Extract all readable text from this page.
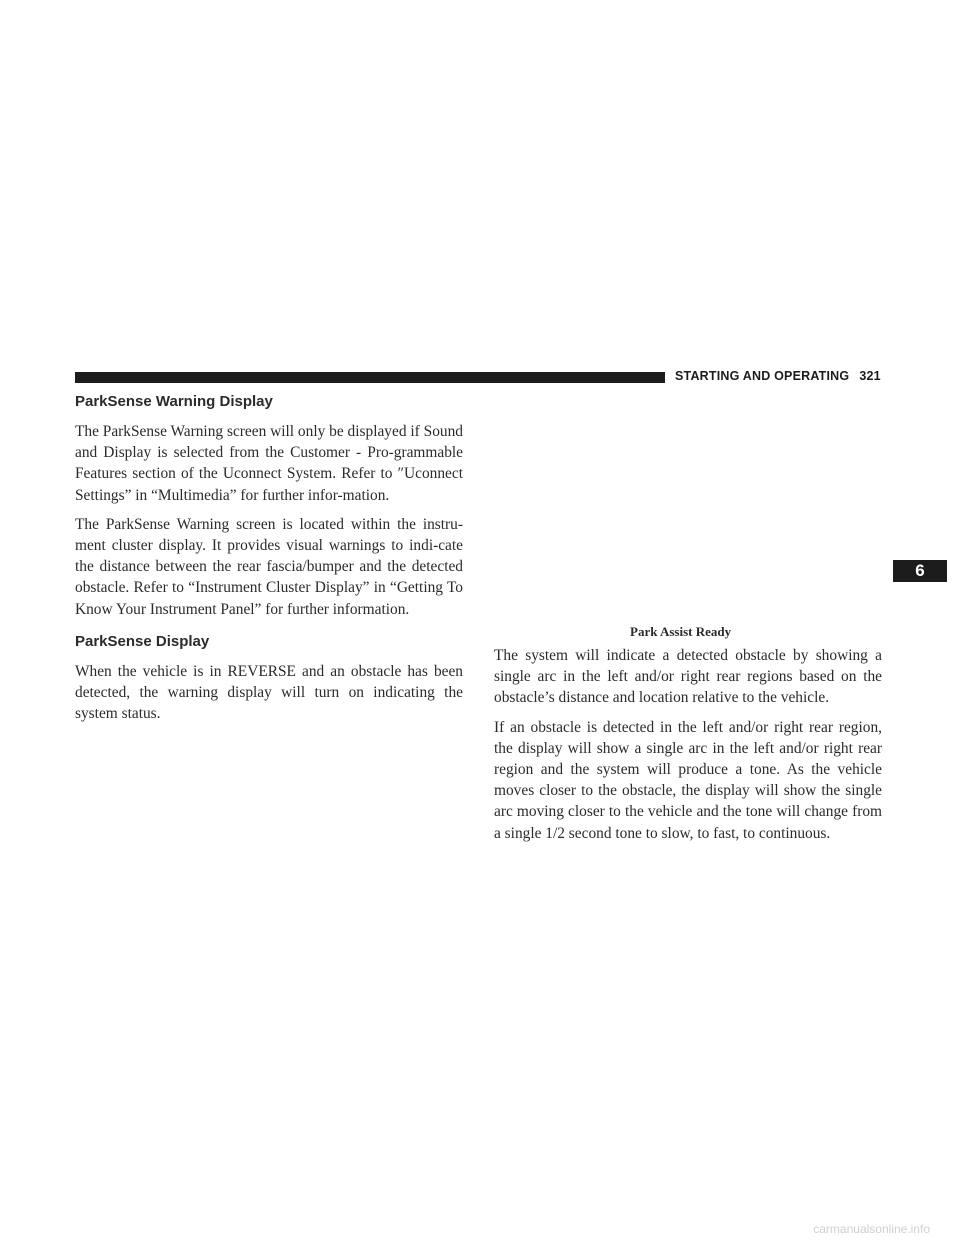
STARTING AND OPERATING 321
6
ParkSense Warning Display

The ParkSense Warning screen will only be displayed if Sound and Display is selected from the Customer - Pro-grammable Features section of the Uconnect System. Refer to ″Uconnect Settings” in “Multimedia” for further infor-mation.

The ParkSense Warning screen is located within the instru-ment cluster display. It provides visual warnings to indi-cate the distance between the rear fascia/bumper and the detected obstacle. Refer to “Instrument Cluster Display” in “Getting To Know Your Instrument Panel” for further information.

ParkSense Display

When the vehicle is in REVERSE and an obstacle has been detected, the warning display will turn on indicating the system status.

Park Assist Ready

The system will indicate a detected obstacle by showing a single arc in the left and/or right rear regions based on the obstacle’s distance and location relative to the vehicle.

If an obstacle is detected in the left and/or right rear region, the display will show a single arc in the left and/or right rear region and the system will produce a tone. As the vehicle moves closer to the obstacle, the display will show the single arc moving closer to the vehicle and the tone will change from a single 1/2 second tone to slow, to fast, to continuous.

carmanualsonline.info
